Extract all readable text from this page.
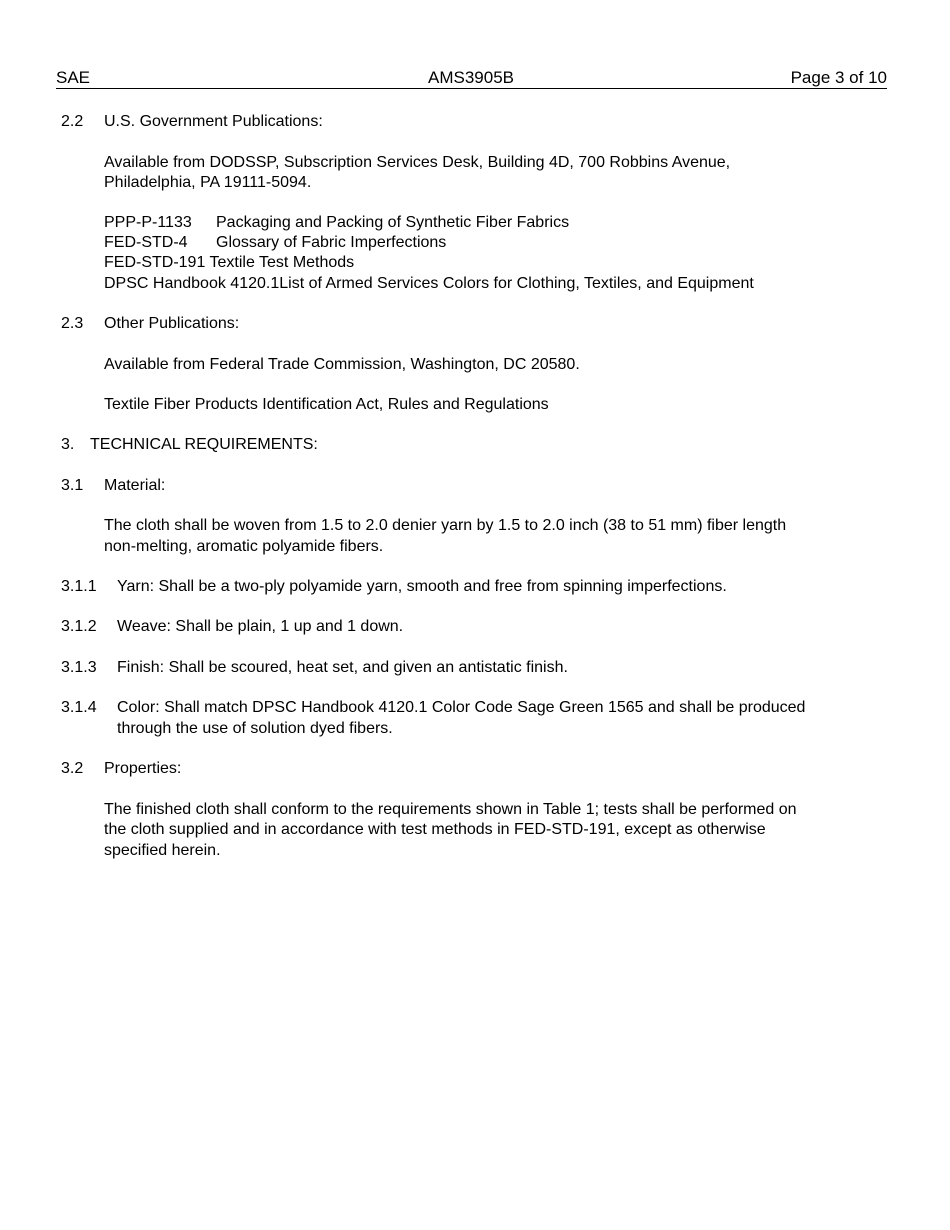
SAE	AMS3905B	Page 3 of 10
2.2 U.S. Government Publications:
Available from DODSSP, Subscription Services Desk, Building 4D, 700 Robbins Avenue,
Philadelphia, PA 19111-5094.
PPP-P-1133 Packaging and Packing of Synthetic Fiber Fabrics
FED-STD-4 Glossary of Fabric Imperfections
FED-STD-191 Textile Test Methods
DPSC Handbook 4120.1List of Armed Services Colors for Clothing, Textiles, and Equipment
2.3 Other Publications:
Available from Federal Trade Commission, Washington, DC 20580.
Textile Fiber Products Identification Act, Rules and Regulations
3. TECHNICAL REQUIREMENTS:
3.1 Material:
The cloth shall be woven from 1.5 to 2.0 denier yarn by 1.5 to 2.0 inch (38 to 51 mm) fiber length
non-melting, aromatic polyamide fibers.
3.1.1 Yarn: Shall be a two-ply polyamide yarn, smooth and free from spinning imperfections.
3.1.2 Weave: Shall be plain, 1 up and 1 down.
3.1.3 Finish: Shall be scoured, heat set, and given an antistatic finish.
3.1.4 Color: Shall match DPSC Handbook 4120.1 Color Code Sage Green 1565 and shall be produced
through the use of solution dyed fibers.
3.2 Properties:
The finished cloth shall conform to the requirements shown in Table 1; tests shall be performed on
the cloth supplied and in accordance with test methods in FED-STD-191, except as otherwise
specified herein.
